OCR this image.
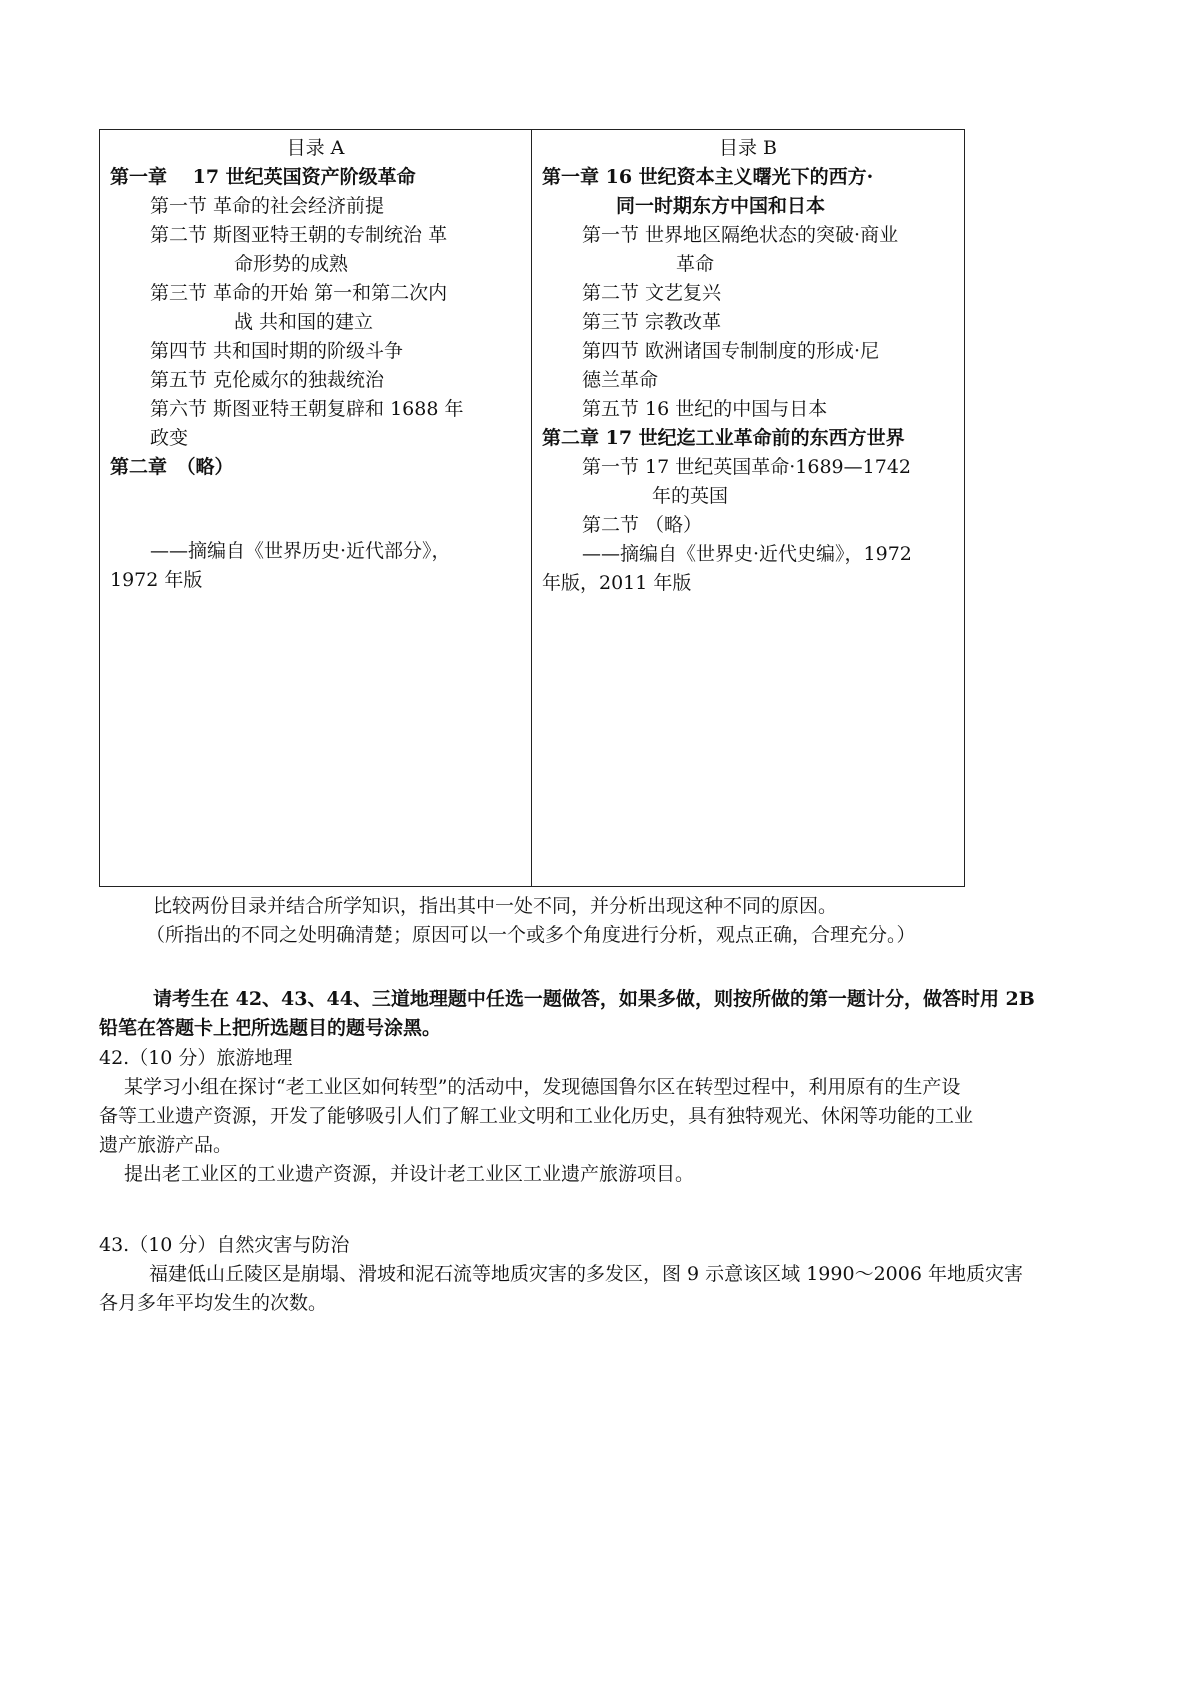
目录 A
第一章　 17 世纪英国资产阶级革命
第一节 革命的社会经济前提
第二节 斯图亚特王朝的专制统治 革
命形势的成熟
第三节 革命的开始 第一和第二次内
战 共和国的建立
第四节 共和国时期的阶级斗争
第五节 克伦威尔的独裁统治
第六节 斯图亚特王朝复辟和 1688 年
政变
第二章　（略）
——摘编自《世界历史·近代部分》，
1972 年版
目录 B
第一章 16 世纪资本主义曙光下的西方·
同一时期东方中国和日本
第一节 世界地区隔绝状态的突破·商业
革命
第二节 文艺复兴
第三节 宗教改革
第四节 欧洲诸国专制制度的形成·尼
德兰革命
第五节 16 世纪的中国与日本
第二章 17 世纪迄工业革命前的东西方世界
第一节 17 世纪英国革命·1689—1742
年的英国
第二节 （略）
——摘编自《世界史·近代史编》，1972
年版，2011 年版
比较两份目录并结合所学知识，指出其中一处不同，并分析出现这种不同的原因。
（所指出的不同之处明确清楚；原因可以一个或多个角度进行分析，观点正确，合理充分。）
请考生在 42、43、44、三道地理题中任选一题做答，如果多做，则按所做的第一题计分，做答时用 2B
铅笔在答题卡上把所选题目的题号涂黑。
42.（10 分）旅游地理
某学习小组在探讨“老工业区如何转型”的活动中，发现德国鲁尔区在转型过程中，利用原有的生产设
备等工业遗产资源，开发了能够吸引人们了解工业文明和工业化历史，具有独特观光、休闲等功能的工业
遗产旅游产品。
提出老工业区的工业遗产资源，并设计老工业区工业遗产旅游项目。
43.（10 分）自然灾害与防治
福建低山丘陵区是崩塌、滑坡和泥石流等地质灾害的多发区，图 9 示意该区域 1990～2006 年地质灾害
各月多年平均发生的次数。
